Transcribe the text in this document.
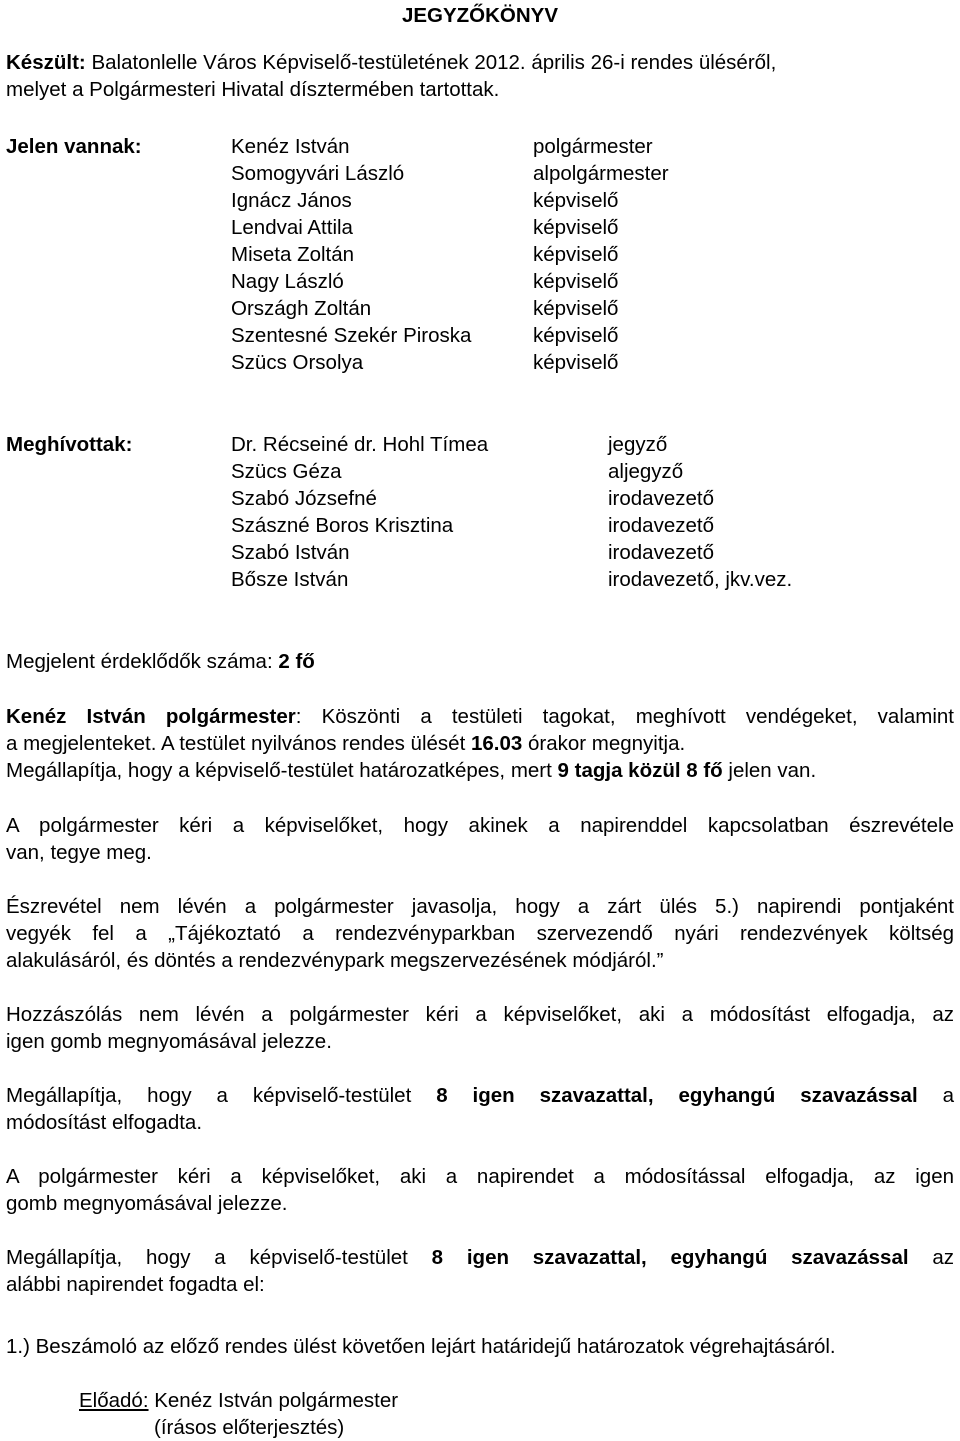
JEGYZŐKÖNYV
Készült: Balatonlelle Város Képviselő-testületének 2012. április 26-i rendes üléséről,
melyet a Polgármesteri Hivatal dísztermében tartottak.
Jelen vannak:	Kenéz István	polgármester
Somogyvári László	alpolgármester
Ignácz János	képviselő
Lendvai Attila	képviselő
Miseta Zoltán	képviselő
Nagy László	képviselő
Országh Zoltán	képviselő
Szentesné Szekér Piroska	képviselő
Szücs Orsolya	képviselő
Meghívottak:	Dr. Récseiné dr. Hohl Tímea	jegyző
Szücs Géza	aljegyző
Szabó Józsefné	irodavezető
Szászné Boros Krisztina	irodavezető
Szabó István	irodavezető
Bősze István	irodavezető, jkv.vez.
Megjelent érdeklődők száma: 2 fő
Kenéz István polgármester: Köszönti a testületi tagokat, meghívott vendégeket, valamint
a megjelenteket. A testület nyilvános rendes ülését 16.03 órakor megnyitja.
Megállapítja, hogy a képviselő-testület határozatképes, mert 9 tagja közül 8 fő jelen van.
A polgármester kéri a képviselőket, hogy akinek a napirenddel kapcsolatban észrevétele
van, tegye meg.
Észrevétel nem lévén a polgármester javasolja, hogy a zárt ülés 5.) napirendi pontjaként
vegyék fel a „Tájékoztató a rendezvényparkban szervezendő nyári rendezvények költség
alakulásáról, és döntés a rendezvénypark megszervezésének módjáról.”
Hozzászólás nem lévén a polgármester kéri a képviselőket, aki a módosítást elfogadja, az
igen gomb megnyomásával jelezze.
Megállapítja, hogy a képviselő-testület 8 igen szavazattal, egyhangú szavazással a
módosítást elfogadta.
A polgármester kéri a képviselőket, aki a napirendet a módosítással elfogadja, az igen
gomb megnyomásával jelezze.
Megállapítja, hogy a képviselő-testület 8 igen szavazattal, egyhangú szavazással az
alábbi napirendet fogadta el:
1.) Beszámoló az előző rendes ülést követően lejárt határidejű határozatok végrehajtásáról.
Előadó: Kenéz István polgármester
(írásos előterjesztés)
